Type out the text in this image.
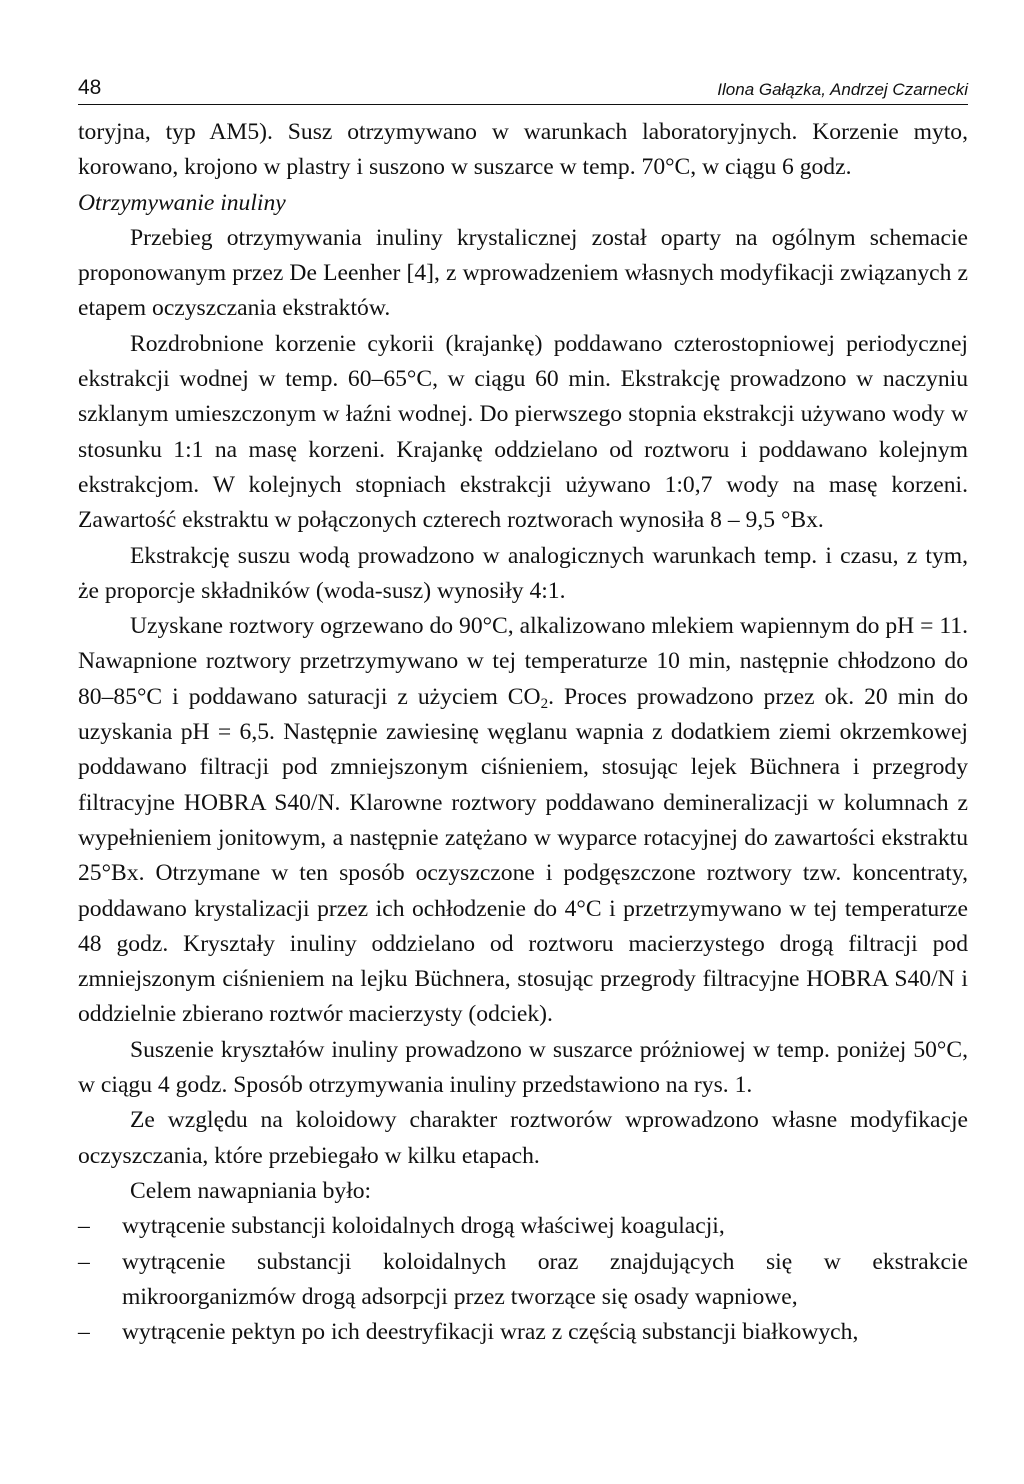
48	Ilona Gałązka, Andrzej Czarnecki

toryjna, typ AM5). Susz otrzymywano w warunkach laboratoryjnych. Korzenie myto, korowano, krojono w plastry i suszono w suszarce w temp. 70°C, w ciągu 6 godz.

Otrzymywanie inuliny

Przebieg otrzymywania inuliny krystalicznej został oparty na ogólnym schemacie proponowanym przez De Leenher [4], z wprowadzeniem własnych modyfikacji związanych z etapem oczyszczania ekstraktów.

Rozdrobnione korzenie cykorii (krajankę) poddawano czterostopniowej periodycznej ekstrakcji wodnej w temp. 60–65°C, w ciągu 60 min. Ekstrakcję prowadzono w naczyniu szklanym umieszczonym w łaźni wodnej. Do pierwszego stopnia ekstrakcji używano wody w stosunku 1:1 na masę korzeni. Krajankę oddzielano od roztworu i poddawano kolejnym ekstrakcjom. W kolejnych stopniach ekstrakcji używano 1:0,7 wody na masę korzeni. Zawartość ekstraktu w połączonych czterech roztworach wynosiła 8 – 9,5 °Bx.

Ekstrakcję suszu wodą prowadzono w analogicznych warunkach temp. i czasu, z tym, że proporcje składników (woda-susz) wynosiły 4:1.

Uzyskane roztwory ogrzewano do 90°C, alkalizowano mlekiem wapiennym do pH = 11. Nawapnione roztwory przetrzymywano w tej temperaturze 10 min, następnie chłodzono do 80–85°C i poddawano saturacji z użyciem $CO_2$. Proces prowadzono przez ok. 20 min do uzyskania pH = 6,5. Następnie zawiesinę węglanu wapnia z dodatkiem ziemi okrzemkowej poddawano filtracji pod zmniejszonym ciśnieniem, stosując lejek Büchnera i przegrody filtracyjne HOBRA S40/N. Klarowne roztwory poddawano demineralizacji w kolumnach z wypełnieniem jonitowym, a następnie zatężano w wyparce rotacyjnej do zawartości ekstraktu 25°Bx. Otrzymane w ten sposób oczyszczone i podgęszczone roztwory tzw. koncentraty, poddawano krystalizacji przez ich ochłodzenie do 4°C i przetrzymywano w tej temperaturze 48 godz. Kryształy inuliny oddzielano od roztworu macierzystego drogą filtracji pod zmniejszonym ciśnieniem na lejku Büchnera, stosując przegrody filtracyjne HOBRA S40/N i oddzielnie zbierano roztwór macierzysty (odciek).

Suszenie kryształów inuliny prowadzono w suszarce próżniowej w temp. poniżej 50°C, w ciągu 4 godz. Sposób otrzymywania inuliny przedstawiono na rys. 1.

Ze względu na koloidowy charakter roztworów wprowadzono własne modyfikacje oczyszczania, które przebiegało w kilku etapach.

Celem nawapniania było:

– wytrącenie substancji koloidalnych drogą właściwej koagulacji,
– wytrącenie substancji koloidalnych oraz znajdujących się w ekstrakcie mikroorganizmów drogą adsorpcji przez tworzące się osady wapniowe,
– wytrącenie pektyn po ich deestryfikacji wraz z częścią substancji białkowych,
